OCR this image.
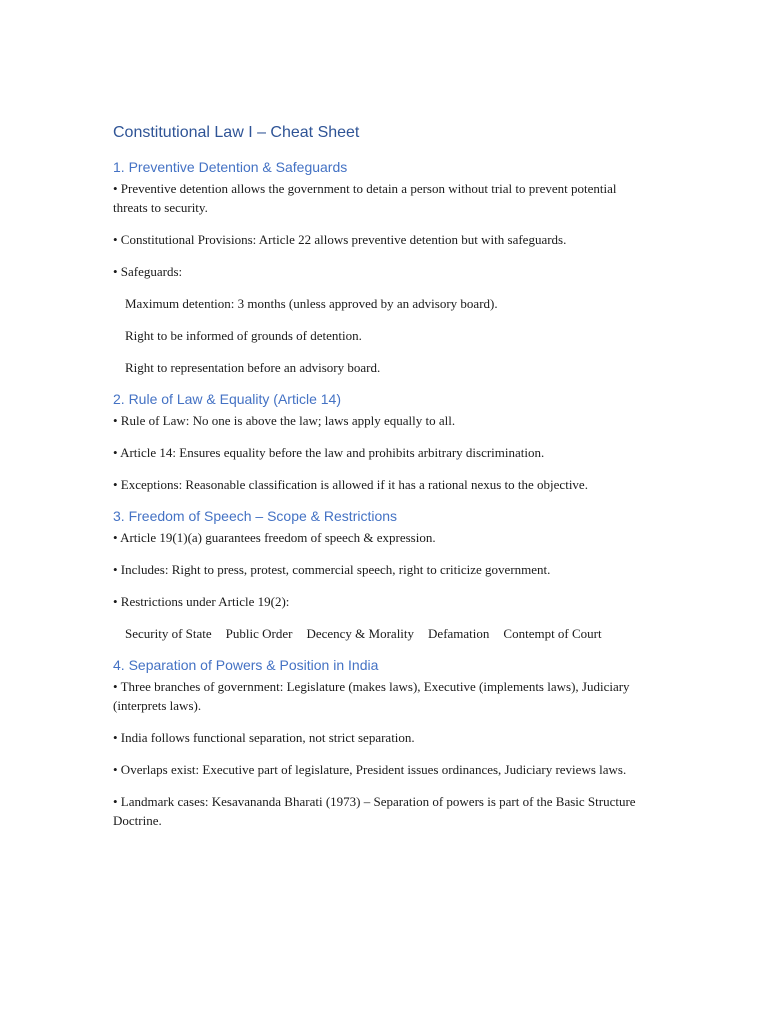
Constitutional Law I – Cheat Sheet
1. Preventive Detention & Safeguards

• Preventive detention allows the government to detain a person without trial to prevent potential threats to security.

• Constitutional Provisions: Article 22 allows preventive detention but with safeguards.

• Safeguards:

Maximum detention: 3 months (unless approved by an advisory board).

Right to be informed of grounds of detention.

Right to representation before an advisory board.

2. Rule of Law & Equality (Article 14)

• Rule of Law: No one is above the law; laws apply equally to all.

• Article 14: Ensures equality before the law and prohibits arbitrary discrimination.

• Exceptions: Reasonable classification is allowed if it has a rational nexus to the objective.

3. Freedom of Speech – Scope & Restrictions

• Article 19(1)(a) guarantees freedom of speech & expression.

• Includes: Right to press, protest, commercial speech, right to criticize government.

• Restrictions under Article 19(2):

Security of State Public Order Decency & Morality Defamation Contempt of Court
4. Separation of Powers & Position in India

• Three branches of government: Legislature (makes laws), Executive (implements laws), Judiciary (interprets laws).

• India follows functional separation, not strict separation.

• Overlaps exist: Executive part of legislature, President issues ordinances, Judiciary reviews laws.

• Landmark cases: Kesavananda Bharati (1973) – Separation of powers is part of the Basic Structure Doctrine.
